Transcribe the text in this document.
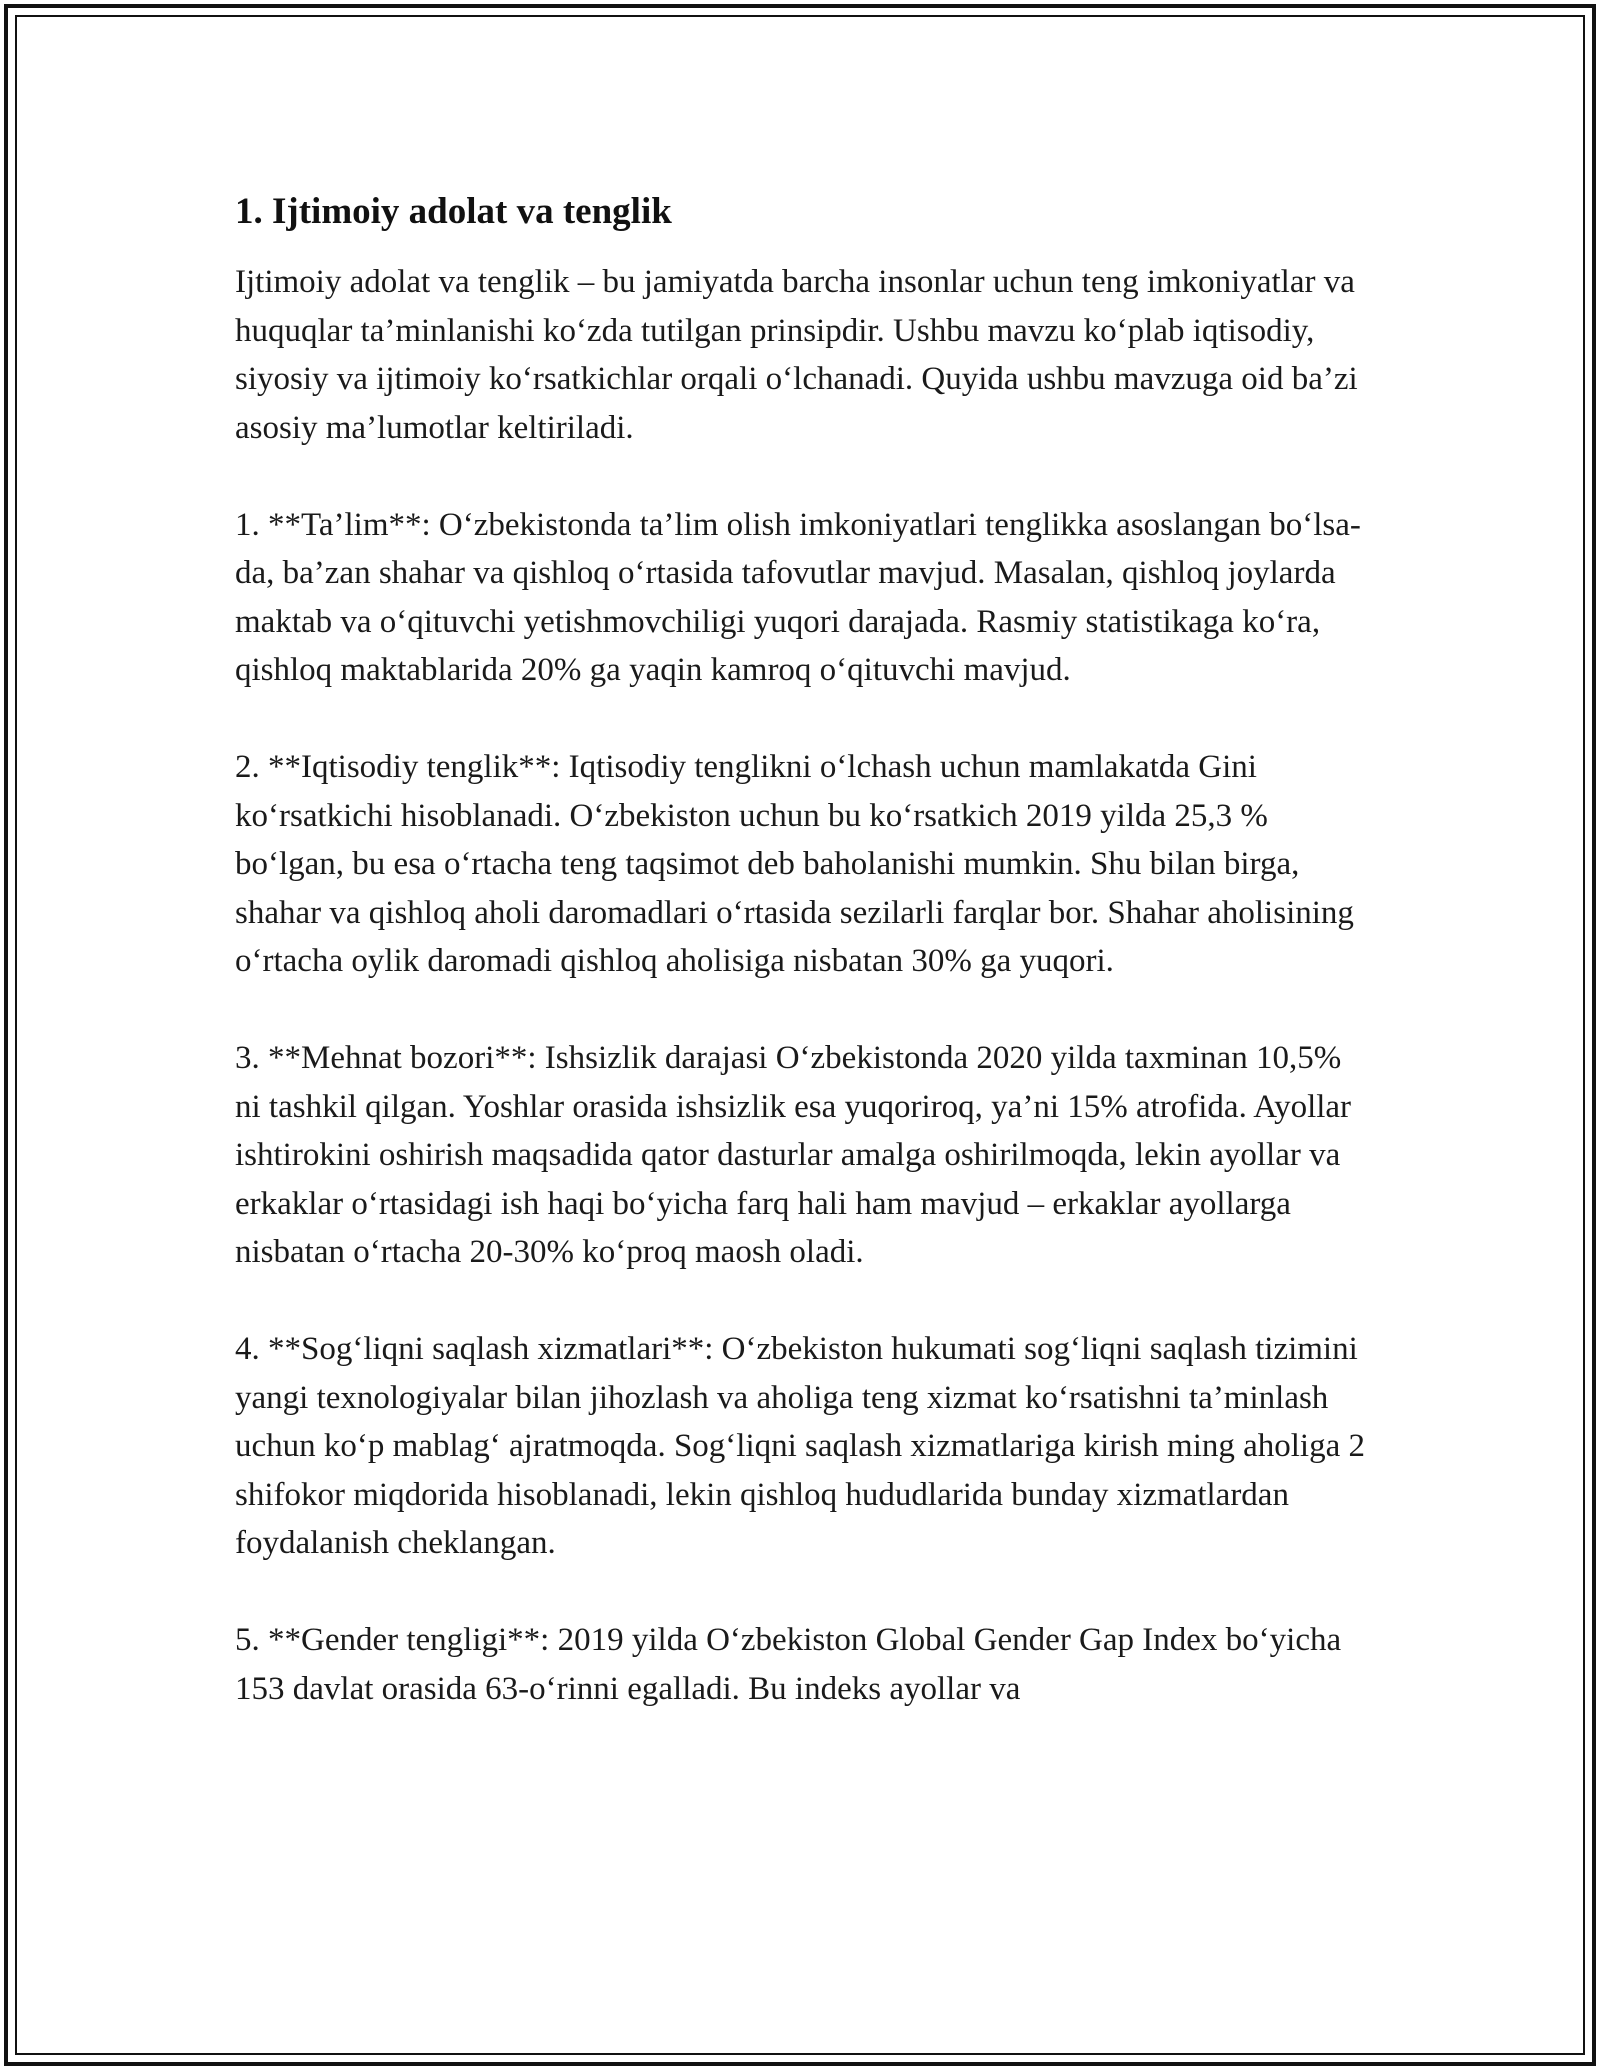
1. Ijtimoiy adolat va tenglik

Ijtimoiy adolat va tenglik – bu jamiyatda barcha insonlar uchun teng imkoniyatlar va huquqlar ta’minlanishi ko‘zda tutilgan prinsipdir. Ushbu mavzu ko‘plab iqtisodiy, siyosiy va ijtimoiy ko‘rsatkichlar orqali o‘lchanadi. Quyida ushbu mavzuga oid ba’zi asosiy ma’lumotlar keltiriladi.

1. **Ta’lim**: O‘zbekistonda ta’lim olish imkoniyatlari tenglikka asoslangan bo‘lsa-da, ba’zan shahar va qishloq o‘rtasida tafovutlar mavjud. Masalan, qishloq joylarda maktab va o‘qituvchi yetishmovchiligi yuqori darajada. Rasmiy statistikaga ko‘ra, qishloq maktablarida 20% ga yaqin kamroq o‘qituvchi mavjud.

2. **Iqtisodiy tenglik**: Iqtisodiy tenglikni o‘lchash uchun mamlakatda Gini ko‘rsatkichi hisoblanadi. O‘zbekiston uchun bu ko‘rsatkich 2019 yilda 25,3 % bo‘lgan, bu esa o‘rtacha teng taqsimot deb baholanishi mumkin. Shu bilan birga, shahar va qishloq aholi daromadlari o‘rtasida sezilarli farqlar bor. Shahar aholisining o‘rtacha oylik daromadi qishloq aholisiga nisbatan 30% ga yuqori.

3. **Mehnat bozori**: Ishsizlik darajasi O‘zbekistonda 2020 yilda taxminan 10,5% ni tashkil qilgan. Yoshlar orasida ishsizlik esa yuqoriroq, ya’ni 15% atrofida. Ayollar ishtirokini oshirish maqsadida qator dasturlar amalga oshirilmoqda, lekin ayollar va erkaklar o‘rtasidagi ish haqi bo‘yicha farq hali ham mavjud – erkaklar ayollarga nisbatan o‘rtacha 20-30% ko‘proq maosh oladi.

4. **Sog‘liqni saqlash xizmatlari**: O‘zbekiston hukumati sog‘liqni saqlash tizimini yangi texnologiyalar bilan jihozlash va aholiga teng xizmat ko‘rsatishni ta’minlash uchun ko‘p mablag‘ ajratmoqda. Sog‘liqni saqlash xizmatlariga kirish ming aholiga 2 shifokor miqdorida hisoblanadi, lekin qishloq hududlarida bunday xizmatlardan foydalanish cheklangan.

5. **Gender tengligi**: 2019 yilda O‘zbekiston Global Gender Gap Index bo‘yicha 153 davlat orasida 63-o‘rinni egalladi. Bu indeks ayollar va
